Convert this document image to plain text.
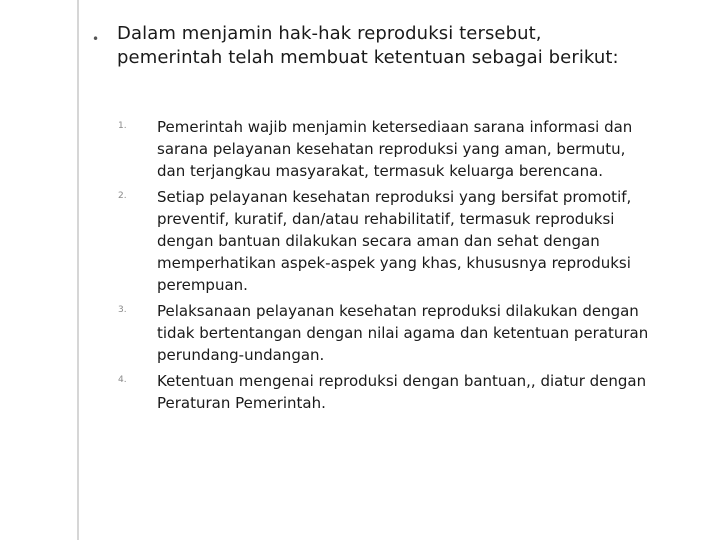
• Dalam menjamin hak-hak reproduksi tersebut,
pemerintah telah membuat ketentuan sebagai berikut:
1. Pemerintah wajib menjamin ketersediaan sarana informasi dan
sarana pelayanan kesehatan reproduksi yang aman, bermutu,
dan terjangkau masyarakat, termasuk keluarga berencana.
2. Setiap pelayanan kesehatan reproduksi yang bersifat promotif,
preventif, kuratif, dan/atau rehabilitatif, termasuk reproduksi
dengan bantuan dilakukan secara aman dan sehat dengan
memperhatikan aspek-aspek yang khas, khususnya reproduksi
perempuan.
3. Pelaksanaan pelayanan kesehatan reproduksi dilakukan dengan
tidak bertentangan dengan nilai agama dan ketentuan peraturan
perundang-undangan.
4. Ketentuan mengenai reproduksi dengan bantuan,, diatur dengan
Peraturan Pemerintah.
